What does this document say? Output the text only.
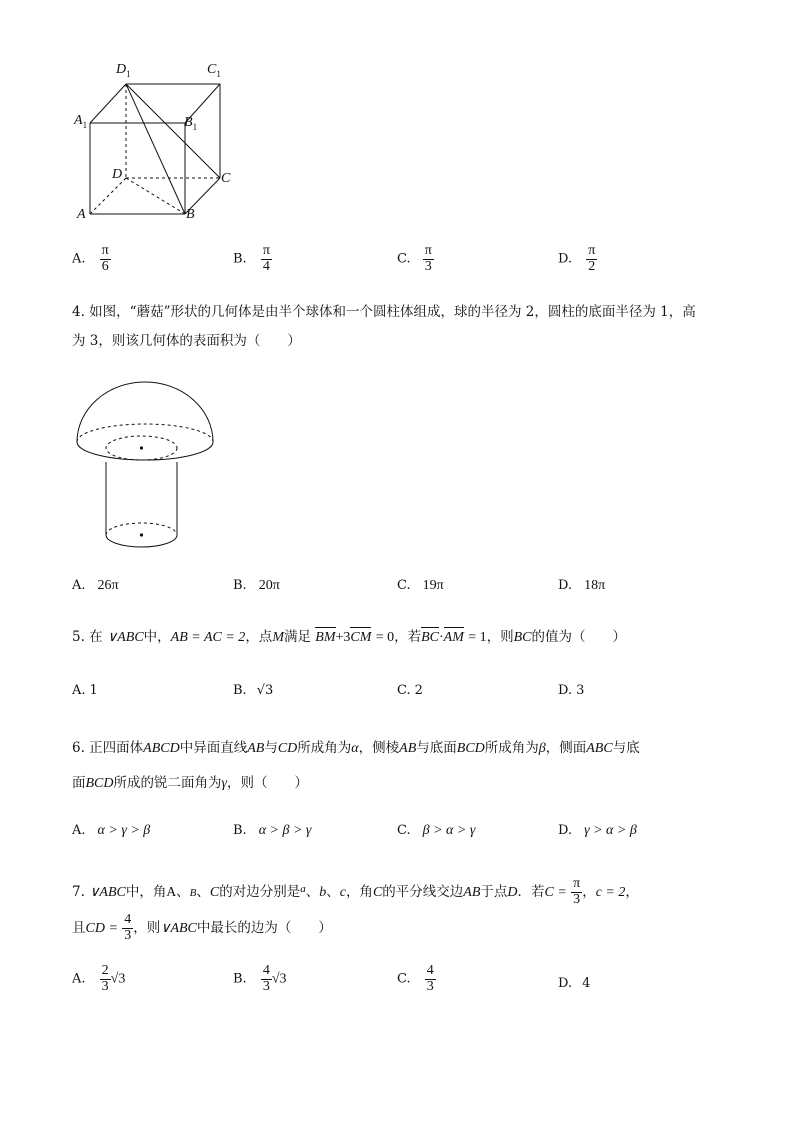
$D_1$	$C_1$
$A_1$	$B_1$
D	C
A	B
A. $\frac{\pi}{6}$	B. $\frac{\pi}{4}$	C. $\frac{\pi}{3}$	D. $\frac{\pi}{2}$
4. 如图，“蘑菇”形状的几何体是由半个球体和一个圆柱体组成，球的半径为 2，圆柱的底面半径为 1，高
为 3，则该几何体的表面积为（　　）
A. 26π	B. 20π	C. 19π	D. 18π
5. 在 ∨ABC中，AB = AC = 2，点M满足 BM+3CM = 0，若BC·AM = 1，则BC的值为（　　）
A. 1	B. √3	C. 2	D. 3
6. 正四面体ABCD中异面直线AB与CD所成角为α，侧棱AB与底面BCD所成角为β，侧面ABC与底
面BCD所成的锐二面角为γ，则（　　）
A. α > γ > β	B. α > β > γ	C. β > α > γ	D. γ > α > β
7. ∨ABC中，角A、B、C的对边分别是$^a$、b、c，角C的平分线交边AB于点D．若$C = \frac{\pi}{3}$ ，c = 2，
且CD = $\frac{4}{3}$ ，则∨ABC中最长的边为（　　）
A. $\frac{2}{3} √3$	B. $\frac{4}{3} √3$	C. $\frac{4}{3}$	D. 4
